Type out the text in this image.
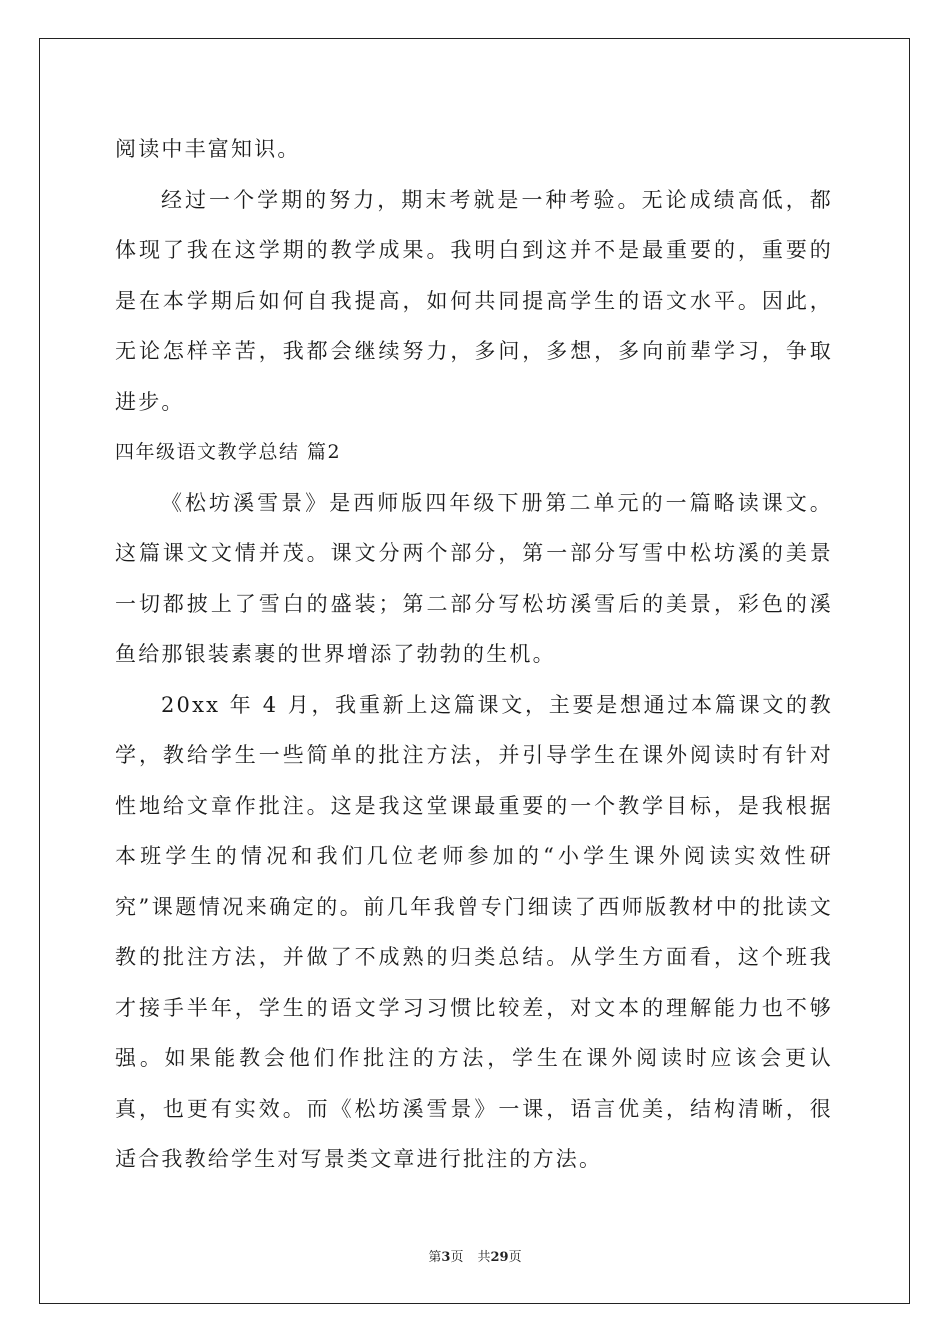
阅读中丰富知识。

经过一个学期的努力，期末考就是一种考验。无论成绩高低，都体现了我在这学期的教学成果。我明白到这并不是最重要的，重要的是在本学期后如何自我提高，如何共同提高学生的语文水平。因此，无论怎样辛苦，我都会继续努力，多问，多想，多向前辈学习，争取进步。

四年级语文教学总结 篇2

《松坊溪雪景》是西师版四年级下册第二单元的一篇略读课文。这篇课文文情并茂。课文分两个部分，第一部分写雪中松坊溪的美景一切都披上了雪白的盛装；第二部分写松坊溪雪后的美景，彩色的溪鱼给那银装素裹的世界增添了勃勃的生机。

20xx 年 4 月，我重新上这篇课文，主要是想通过本篇课文的教学，教给学生一些简单的批注方法，并引导学生在课外阅读时有针对性地给文章作批注。这是我这堂课最重要的一个教学目标，是我根据本班学生的情况和我们几位老师参加的“小学生课外阅读实效性研究”课题情况来确定的。前几年我曾专门细读了西师版教材中的批读文教的批注方法，并做了不成熟的归类总结。从学生方面看，这个班我才接手半年，学生的语文学习习惯比较差，对文本的理解能力也不够强。如果能教会他们作批注的方法，学生在课外阅读时应该会更认真，也更有实效。而《松坊溪雪景》一课，语言优美，结构清晰，很适合我教给学生对写景类文章进行批注的方法。

第3页 共29页
